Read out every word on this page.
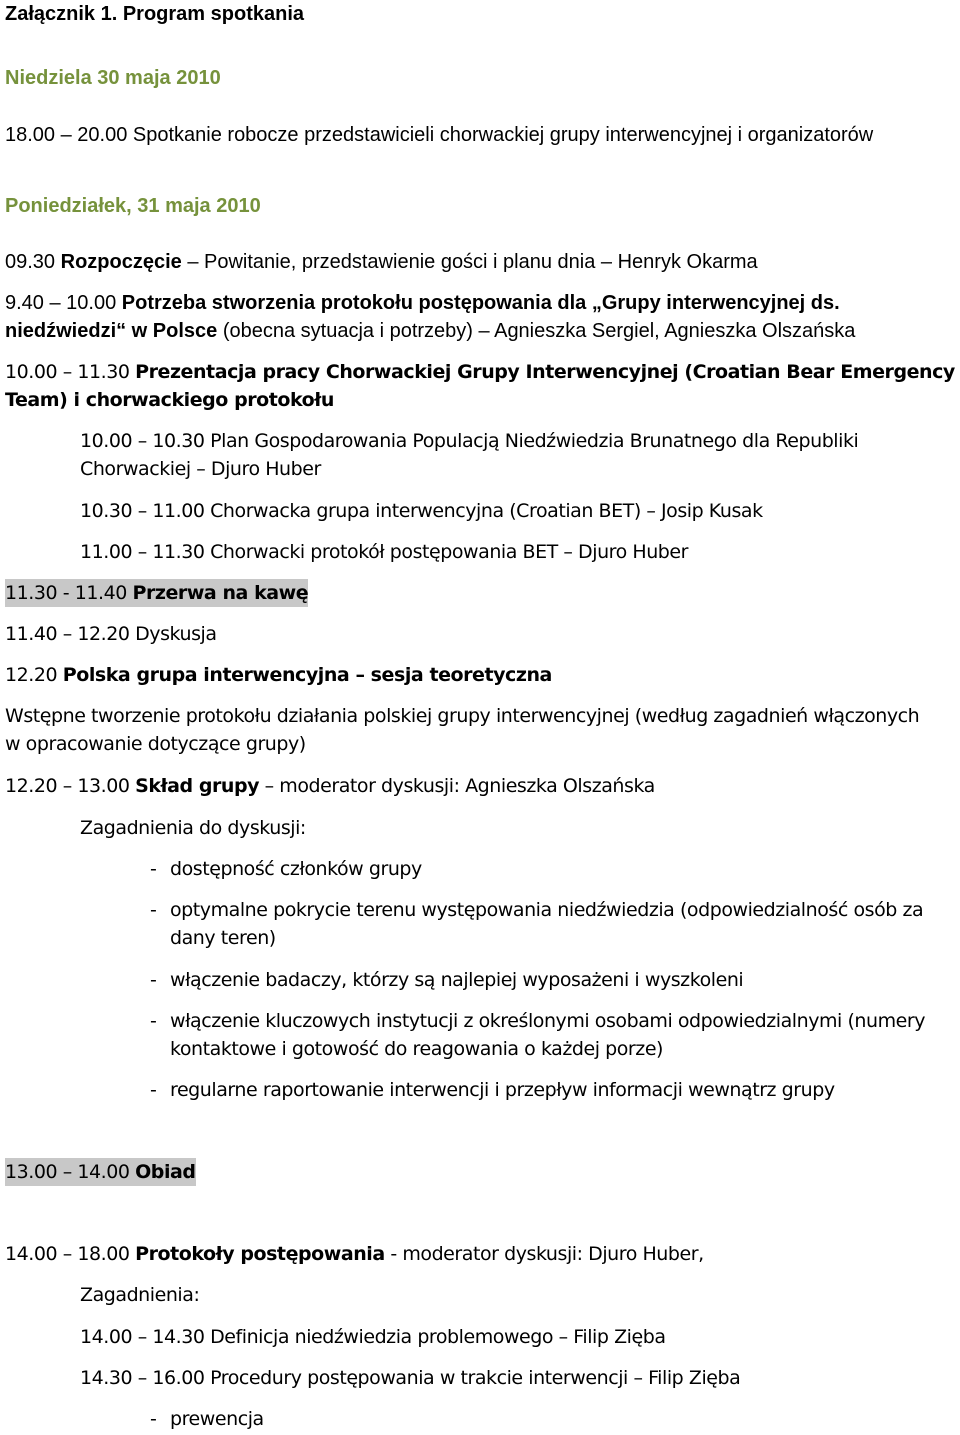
Załącznik 1. Program spotkania
Niedziela 30 maja 2010
18.00 – 20.00 Spotkanie robocze przedstawicieli chorwackiej grupy interwencyjnej i organizatorów
Poniedziałek, 31 maja 2010
09.30 Rozpoczęcie – Powitanie, przedstawienie gości i planu dnia – Henryk Okarma
9.40 – 10.00 Potrzeba stworzenia protokołu postępowania dla „Grupy interwencyjnej ds.
niedźwiedzi“ w Polsce (obecna sytuacja i potrzeby) – Agnieszka Sergiel, Agnieszka Olszańska
10.00 – 11.30 Prezentacja pracy Chorwackiej Grupy Interwencyjnej (Croatian Bear Emergency
Team) i chorwackiego protokołu
10.00 – 10.30 Plan Gospodarowania Populacją Niedźwiedzia Brunatnego dla Republiki
Chorwackiej – Djuro Huber
10.30 – 11.00 Chorwacka grupa interwencyjna (Croatian BET) – Josip Kusak
11.00 – 11.30 Chorwacki protokół postępowania BET – Djuro Huber
11.30 - 11.40 Przerwa na kawę
11.40 – 12.20 Dyskusja
12.20 Polska grupa interwencyjna – sesja teoretyczna
Wstępne tworzenie protokołu działania polskiej grupy interwencyjnej (według zagadnień włączonych
w opracowanie dotyczące grupy)
12.20 – 13.00 Skład grupy – moderator dyskusji: Agnieszka Olszańska
Zagadnienia do dyskusji:
- dostępność członków grupy
- optymalne pokrycie terenu występowania niedźwiedzia (odpowiedzialność osób za
dany teren)
- włączenie badaczy, którzy są najlepiej wyposażeni i wyszkoleni
- włączenie kluczowych instytucji z określonymi osobami odpowiedzialnymi (numery
kontaktowe i gotowość do reagowania o każdej porze)
- regularne raportowanie interwencji i przepływ informacji wewnątrz grupy
13.00 – 14.00 Obiad
14.00 – 18.00 Protokoły postępowania - moderator dyskusji: Djuro Huber,
Zagadnienia:
14.00 – 14.30 Definicja niedźwiedzia problemowego – Filip Zięba
14.30 – 16.00 Procedury postępowania w trakcie interwencji – Filip Zięba
- prewencja
